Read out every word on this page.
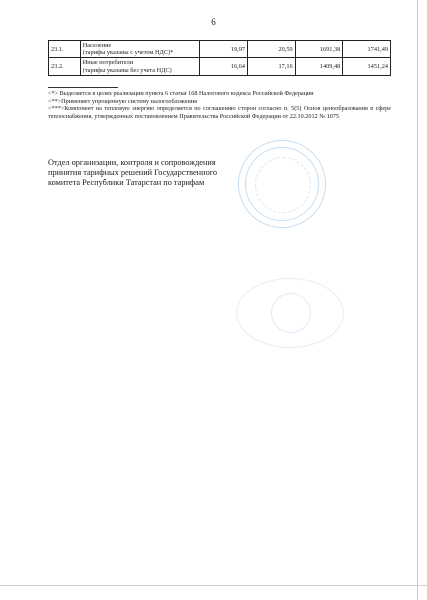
6
23.1.	Население
(тарифы указаны с учетом НДС)*	19,97	20,59	1691,38	1741,49
23.2.	Иные потребители
(тарифы указаны без учета НДС)	16,64	17,16	1409,48	1451,24

<*> Выделяется в целях реализации пункта 6 статьи 168 Налогового кодекса Российской Федерации

<**>Применяет упрощенную систему налогообложения

<***>Компонент на тепловую энергию определяется по соглашению сторон согласно п. 5(5) Основ ценообразования в сфере теплоснабжения, утвержденных постановлением Правительства Российской Федерации от 22.10.2012 № 1075

Отдел организации, контроля и сопровождения

принятия тарифных решений Государственного

комитета Республики Татарстан по тарифам
